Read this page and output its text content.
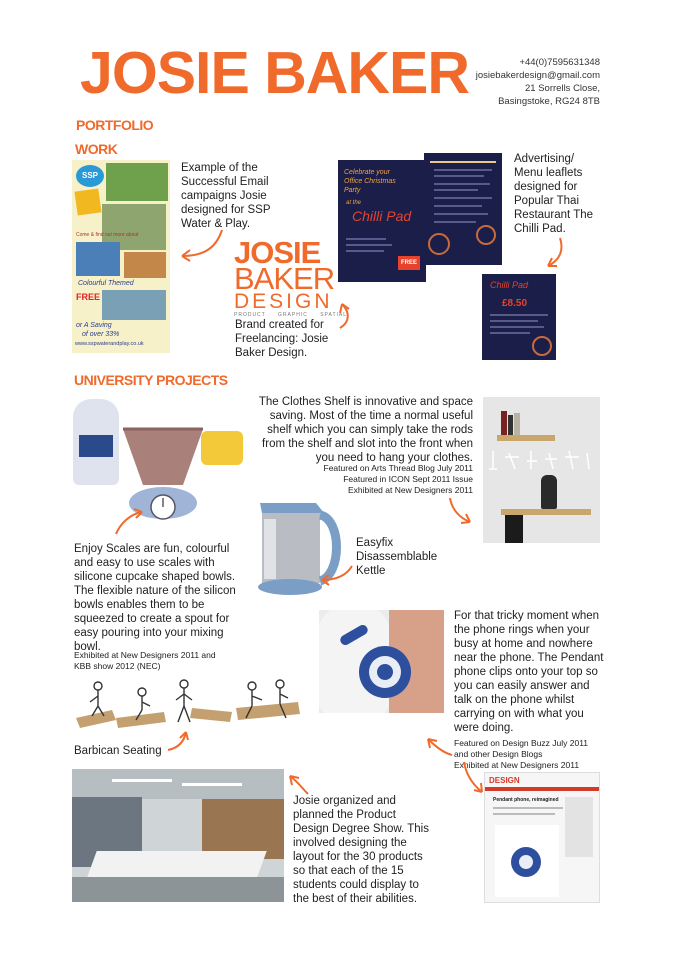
JOSIE BAKER	+44(0)7595631348
josiebakerdesign@gmail.com
21 Sorrells Close,
Basingstoke, RG24 8TB
PORTFOLIO
WORK
SSP
Come & find out more about
Colourful Themed
FREE
or A Saving
of over 33%
www.sspwaterandplay.co.uk
Example of the
Successful Email
campaigns Josie
designed for SSP
Water & Play.
JOSIE
BAKER
DESIGN
PRODUCT GRAPHIC SPATIAL
Brand created for
Freelancing: Josie
Baker Design.
Celebrate your
Office Christmas
Party
at the
Chilli Pad
FREE
Chilli Pad
£8.50
Advertising/
Menu leaflets
designed for
Popular Thai
Restaurant The
Chilli Pad.
UNIVERSITY PROJECTS
Enjoy Scales are fun, colourful
and easy to use scales with
silicone cupcake shaped bowls.
The flexible nature of the silicon
bowls enables them to be
squeezed to create a spout for
easy pouring into your mixing
bowl.
Exhibited at New Designers 2011 and
KBB show 2012 (NEC)
The Clothes Shelf is innovative and space
saving. Most of the time a normal useful
shelf which you can simply take the rods
from the shelf and slot into the front when
you need to hang your clothes.
Featured on Arts Thread Blog July 2011
Featured in ICON Sept 2011 Issue
Exhibited at New Designers 2011
Easyfix
Disassemblable
Kettle
For that tricky moment when
the phone rings when your
busy at home and nowhere
near the phone. The Pendant
phone clips onto your top so
you can easily answer and
talk on the phone whilst
carrying on with what you
were doing.
Featured on Design Buzz July 2011
and other Design Blogs
Exhibited at New Designers 2011
Barbican Seating
Josie organized and
planned the Product
Design Degree Show. This
involved designing the
layout for the 30 products
so that each of the 15
students could display to
the best of their abilities.
DESIGN
Pendant phone, reimagined
